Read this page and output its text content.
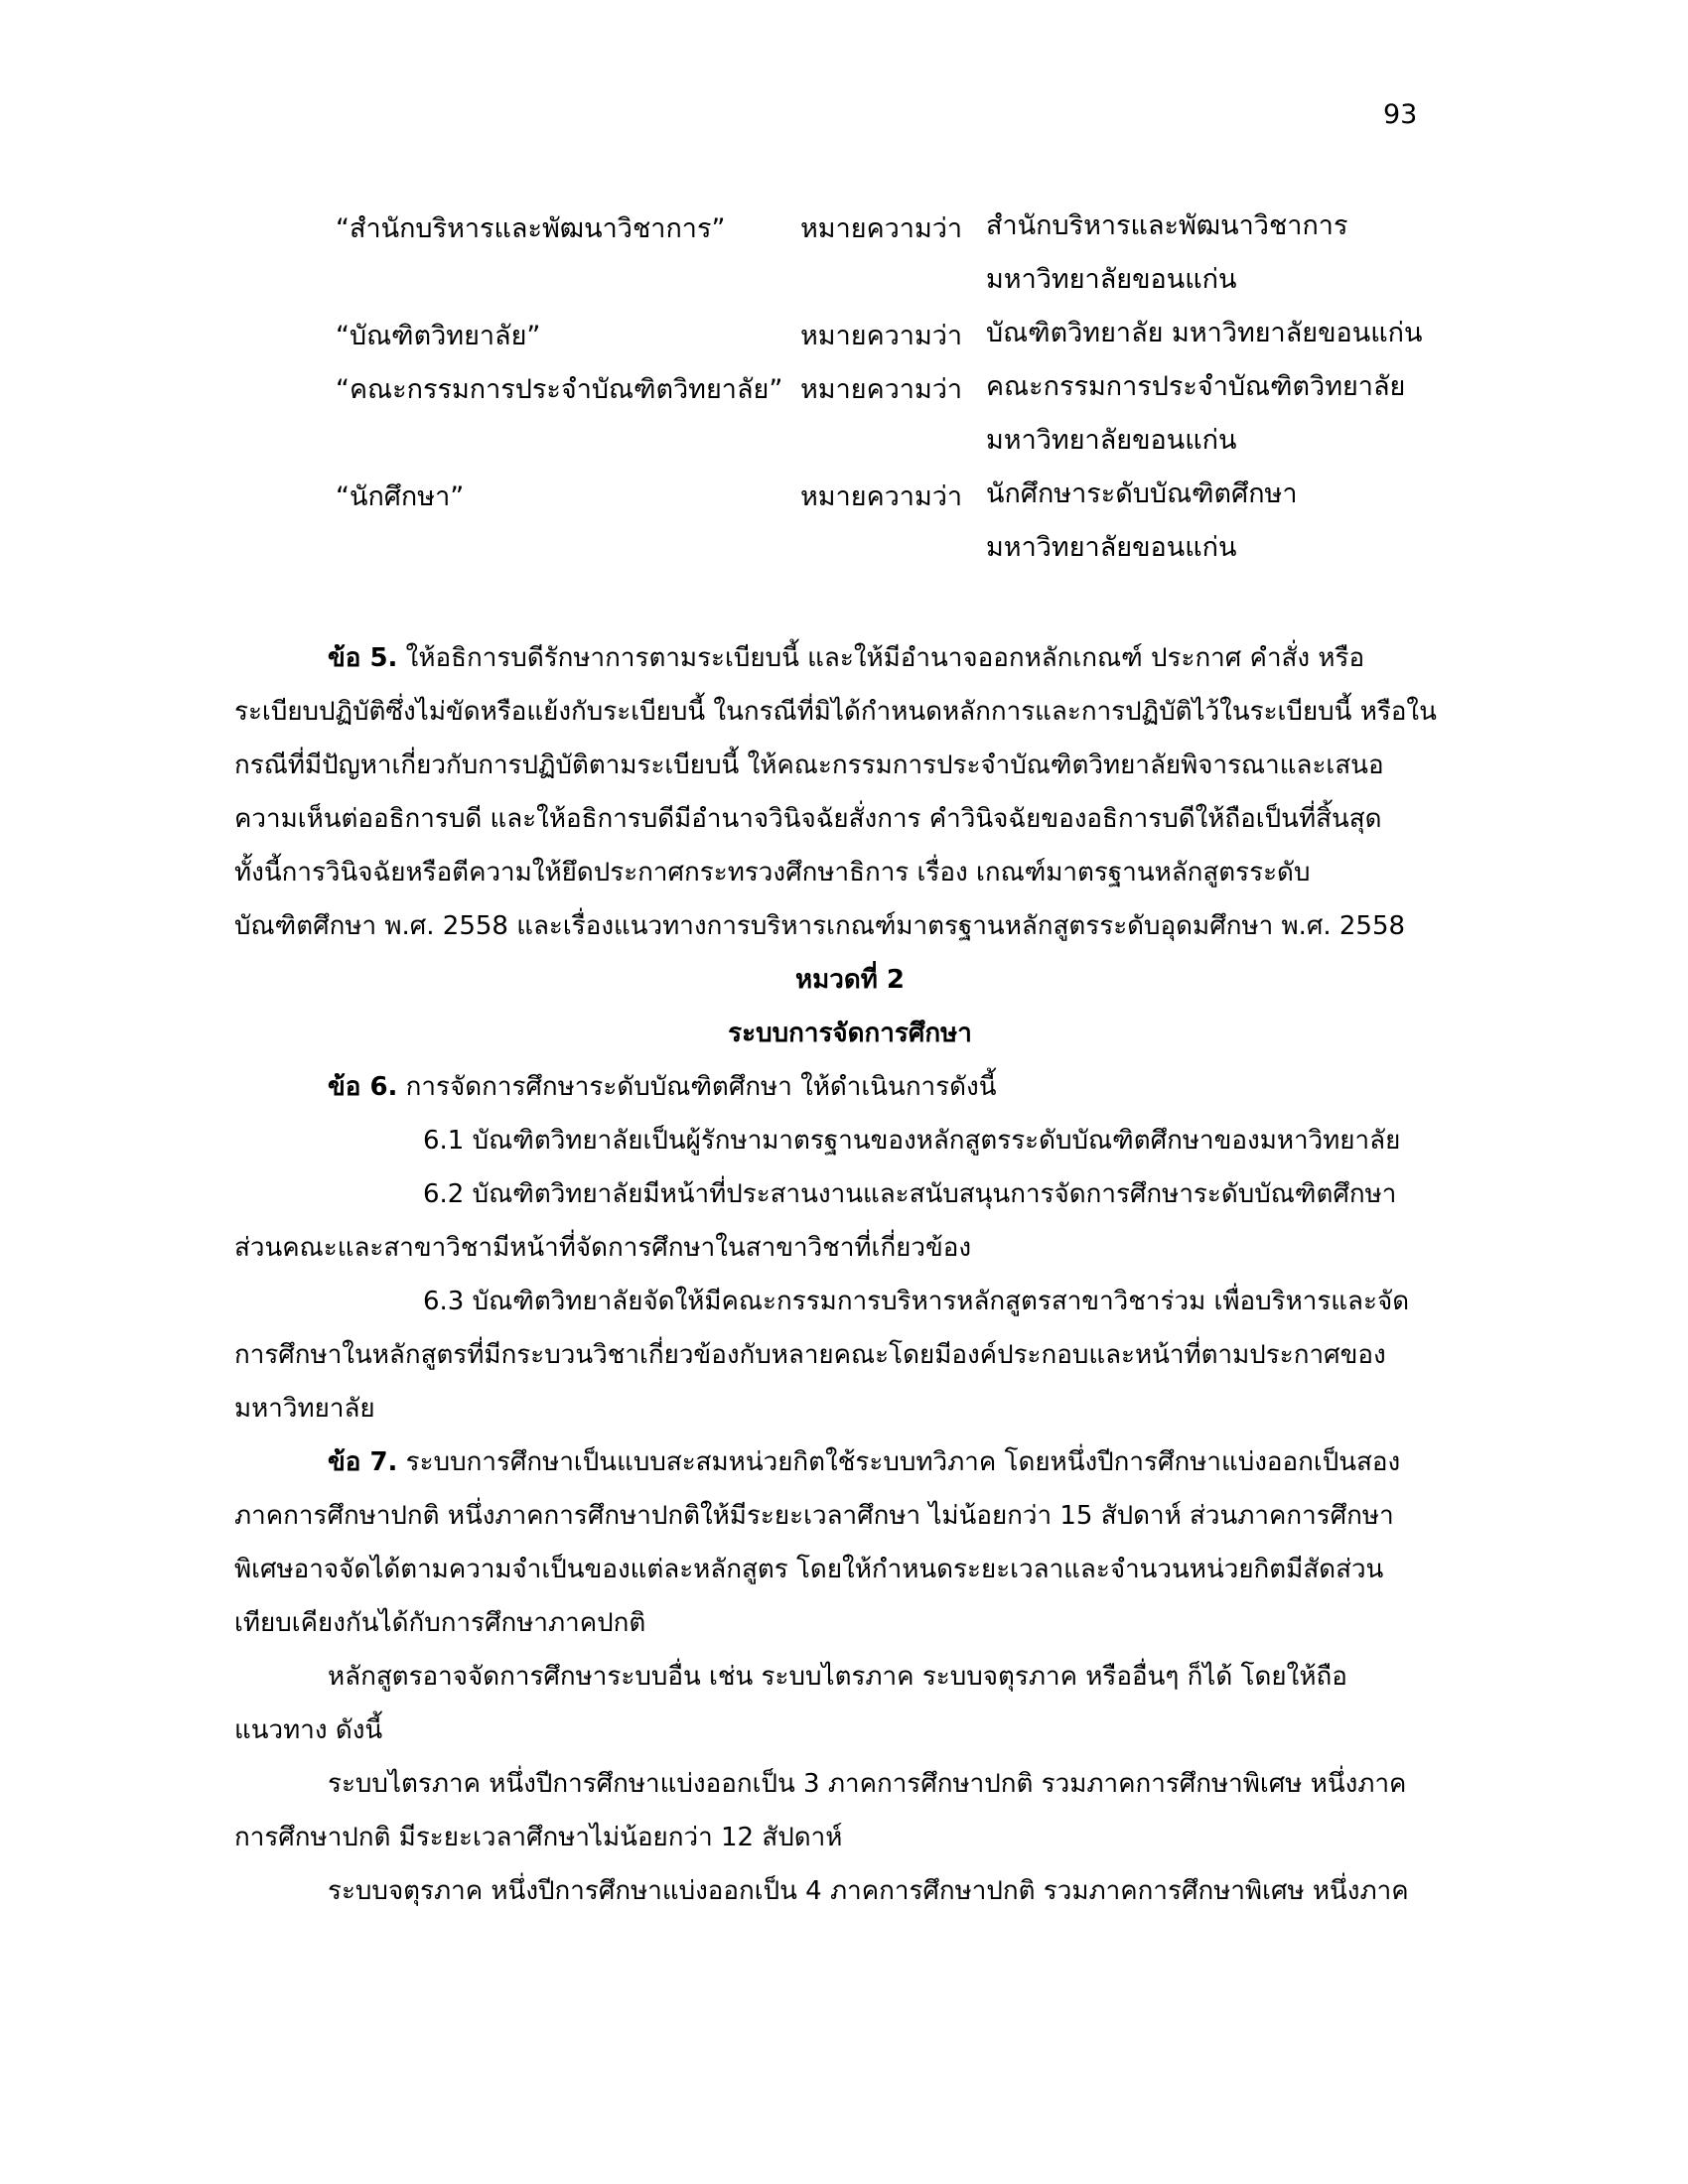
93
“สำนักบริหารและพัฒนาวิชาการ”	หมายความว่า สำนักบริหารและพัฒนาวิชาการ
มหาวิทยาลัยขอนแก่น
“บัณฑิตวิทยาลัย”	หมายความว่า บัณฑิตวิทยาลัย มหาวิทยาลัยขอนแก่น
“คณะกรรมการประจำบัณฑิตวิทยาลัย” หมายความว่า คณะกรรมการประจำบัณฑิตวิทยาลัย
มหาวิทยาลัยขอนแก่น
“นักศึกษา”	หมายความว่า นักศึกษาระดับบัณฑิตศึกษา
มหาวิทยาลัยขอนแก่น
ข้อ 5. ให้อธิการบดีรักษาการตามระเบียบนี้ และให้มีอำนาจออกหลักเกณฑ์ ประกาศ คำสั่ง หรือ
ระเบียบปฏิบัติซึ่งไม่ขัดหรือแย้งกับระเบียบนี้ ในกรณีที่มิได้กำหนดหลักการและการปฏิบัติไว้ในระเบียบนี้ หรือใน
กรณีที่มีปัญหาเกี่ยวกับการปฏิบัติตามระเบียบนี้ ให้คณะกรรมการประจำบัณฑิตวิทยาลัยพิจารณาและเสนอ
ความเห็นต่ออธิการบดี และให้อธิการบดีมีอำนาจวินิจฉัยสั่งการ คำวินิจฉัยของอธิการบดีให้ถือเป็นที่สิ้นสุด
ทั้งนี้การวินิจฉัยหรือตีความให้ยึดประกาศกระทรวงศึกษาธิการ เรื่อง เกณฑ์มาตรฐานหลักสูตรระดับ
บัณฑิตศึกษา พ.ศ. 2558 และเรื่องแนวทางการบริหารเกณฑ์มาตรฐานหลักสูตรระดับอุดมศึกษา พ.ศ. 2558
หมวดที่ 2
ระบบการจัดการศึกษา
ข้อ 6. การจัดการศึกษาระดับบัณฑิตศึกษา ให้ดำเนินการดังนี้
6.1 บัณฑิตวิทยาลัยเป็นผู้รักษามาตรฐานของหลักสูตรระดับบัณฑิตศึกษาของมหาวิทยาลัย
6.2 บัณฑิตวิทยาลัยมีหน้าที่ประสานงานและสนับสนุนการจัดการศึกษาระดับบัณฑิตศึกษา
ส่วนคณะและสาขาวิชามีหน้าที่จัดการศึกษาในสาขาวิชาที่เกี่ยวข้อง
6.3 บัณฑิตวิทยาลัยจัดให้มีคณะกรรมการบริหารหลักสูตรสาขาวิชาร่วม เพื่อบริหารและจัด
การศึกษาในหลักสูตรที่มีกระบวนวิชาเกี่ยวข้องกับหลายคณะโดยมีองค์ประกอบและหน้าที่ตามประกาศของ
มหาวิทยาลัย
ข้อ 7. ระบบการศึกษาเป็นแบบสะสมหน่วยกิตใช้ระบบทวิภาค โดยหนึ่งปีการศึกษาแบ่งออกเป็นสอง
ภาคการศึกษาปกติ หนึ่งภาคการศึกษาปกติให้มีระยะเวลาศึกษา ไม่น้อยกว่า 15 สัปดาห์ ส่วนภาคการศึกษา
พิเศษอาจจัดได้ตามความจำเป็นของแต่ละหลักสูตร โดยให้กำหนดระยะเวลาและจำนวนหน่วยกิตมีสัดส่วน
เทียบเคียงกันได้กับการศึกษาภาคปกติ
หลักสูตรอาจจัดการศึกษาระบบอื่น เช่น ระบบไตรภาค ระบบจตุรภาค หรืออื่นๆ ก็ได้ โดยให้ถือ
แนวทาง ดังนี้
ระบบไตรภาค หนึ่งปีการศึกษาแบ่งออกเป็น 3 ภาคการศึกษาปกติ รวมภาคการศึกษาพิเศษ หนึ่งภาค
การศึกษาปกติ มีระยะเวลาศึกษาไม่น้อยกว่า 12 สัปดาห์
ระบบจตุรภาค หนึ่งปีการศึกษาแบ่งออกเป็น 4 ภาคการศึกษาปกติ รวมภาคการศึกษาพิเศษ หนึ่งภาค
